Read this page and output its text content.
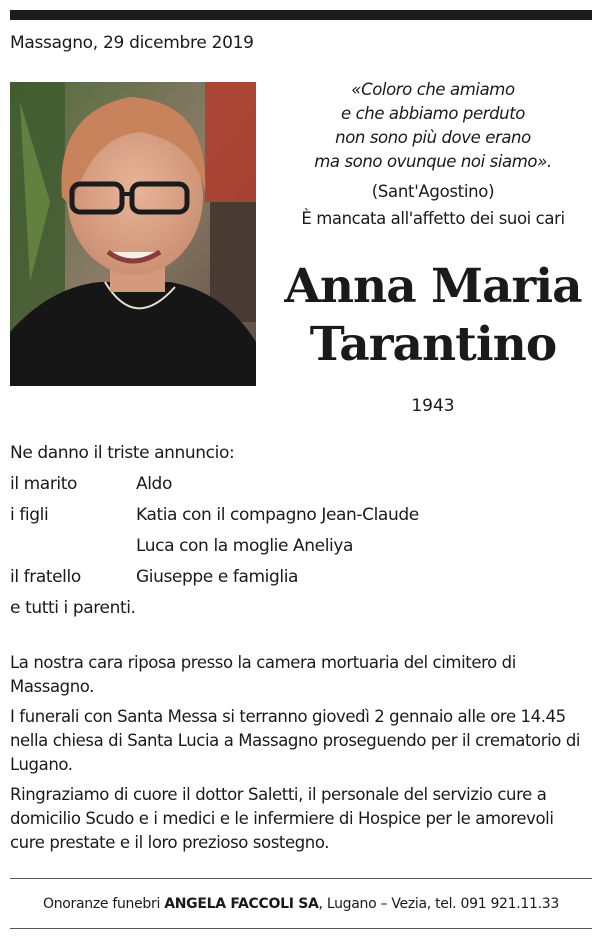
Massagno, 29 dicembre 2019
«Coloro che amiamo
e che abbiamo perduto
non sono più dove erano
ma sono ovunque noi siamo».
(Sant'Agostino)
È mancata all'affetto dei suoi cari
Anna Maria
Tarantino
1943
Ne danno il triste annuncio:
il marito	Aldo
i figli	Katia con il compagno Jean-Claude
Luca con la moglie Aneliya
il fratello	Giuseppe e famiglia
e tutti i parenti.

La nostra cara riposa presso la camera mortuaria del cimitero di Massagno.

I funerali con Santa Messa si terranno giovedì 2 gennaio alle ore 14.45 nella chiesa di Santa Lucia a Massagno proseguendo per il crematorio di Lugano.

Ringraziamo di cuore il dottor Saletti, il personale del servizio cure a domicilio Scudo e i medici e le infermiere di Hospice per le amorevoli cure prestate e il loro prezioso sostegno.

Onoranze funebri ANGELA FACCOLI SA, Lugano – Vezia, tel. 091 921.11.33
